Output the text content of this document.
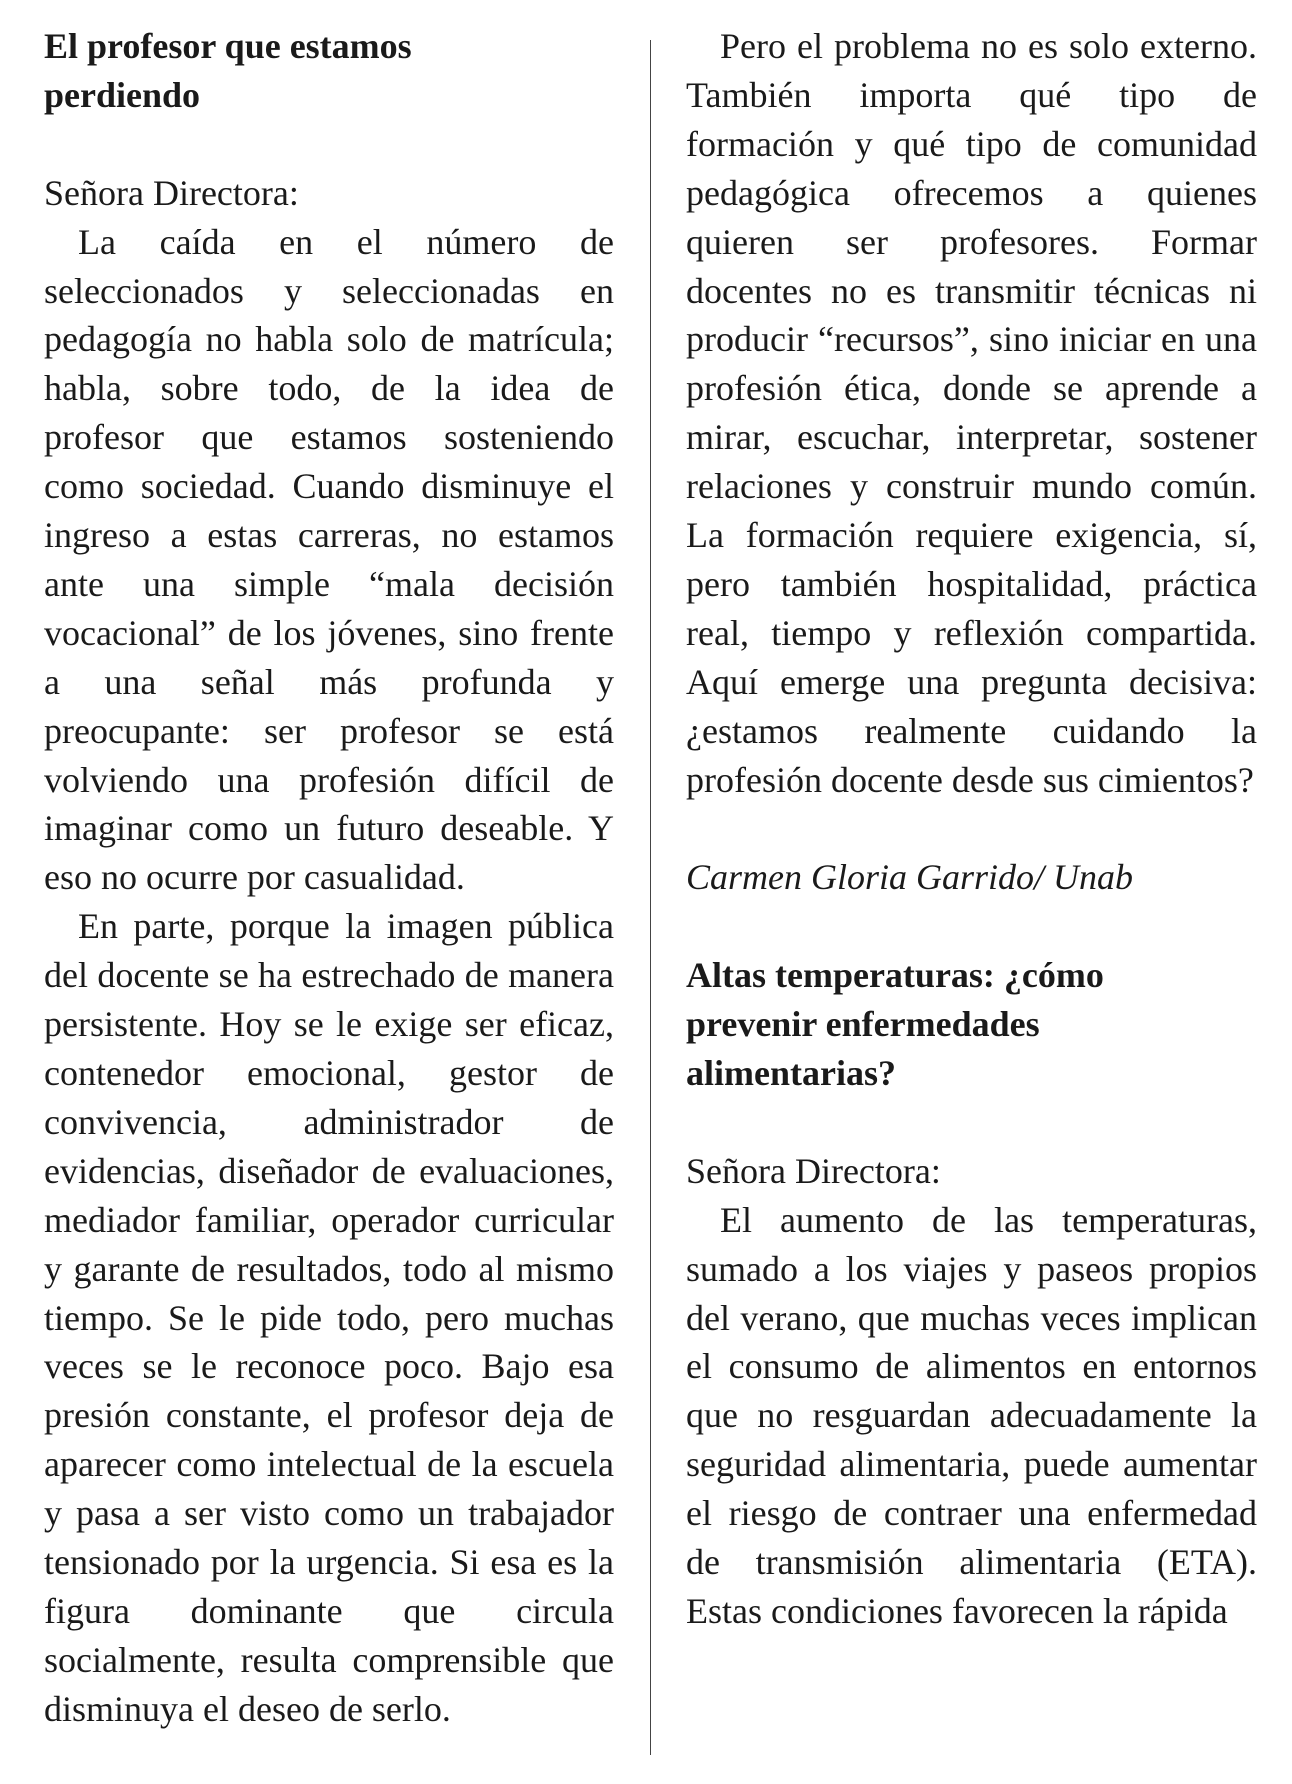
El profesor que estamos
perdiendo
Señora Directora:

La caída en el número de seleccionados y seleccionadas en pedagogía no habla solo de matrícula; habla, sobre todo, de la idea de profesor que estamos sosteniendo como sociedad. Cuando disminuye el ingreso a estas carreras, no estamos ante una simple “mala decisión vocacional” de los jóvenes, sino frente a una señal más profunda y preocupante: ser profesor se está volviendo una profesión difícil de imaginar como un futuro deseable. Y eso no ocurre por casualidad.

En parte, porque la imagen pública del docente se ha estrechado de manera persistente. Hoy se le exige ser eficaz, contenedor emocional, gestor de convivencia, administrador de evidencias, diseñador de evaluaciones, mediador familiar, operador curricular y garante de resultados, todo al mismo tiempo. Se le pide todo, pero muchas veces se le reconoce poco. Bajo esa presión constante, el profesor deja de aparecer como intelectual de la escuela y pasa a ser visto como un trabajador tensionado por la urgencia. Si esa es la figura dominante que circula socialmente, resulta comprensible que disminuya el deseo de serlo.

Pero el problema no es solo externo. También importa qué tipo de formación y qué tipo de comunidad pedagógica ofrecemos a quienes quieren ser profesores. Formar docentes no es transmitir técnicas ni producir “recursos”, sino iniciar en una profesión ética, donde se aprende a mirar, escuchar, interpretar, sostener relaciones y construir mundo común. La formación requiere exigencia, sí, pero también hospitalidad, práctica real, tiempo y reflexión compartida. Aquí emerge una pregunta decisiva: ¿estamos realmente cuidando la profesión docente desde sus cimientos?

Carmen Gloria Garrido/ Unab
Altas temperaturas: ¿cómo
prevenir enfermedades
alimentarias?
Señora Directora:

El aumento de las temperaturas, sumado a los viajes y paseos propios del verano, que muchas veces implican el consumo de alimentos en entornos que no resguardan adecuadamente la seguridad alimentaria, puede aumentar el riesgo de contraer una enfermedad de transmisión alimentaria (ETA). Estas condiciones favorecen la rápida
